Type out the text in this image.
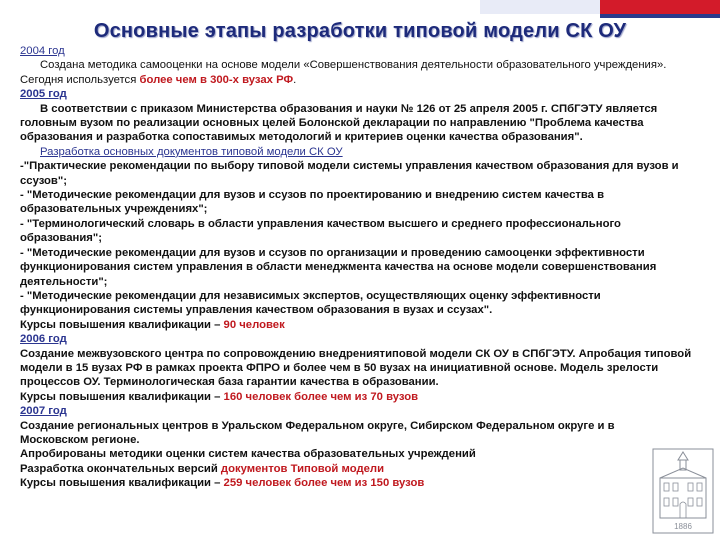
Основные этапы разработки типовой модели СК ОУ

2004 год

Создана методика самооценки на основе модели «Совершенствования деятельности образовательного учреждения». Сегодня используется более чем в 300-х вузах РФ.

2005 год

В соответствии с приказом Министерства образования и науки № 126 от 25 апреля 2005 г. СПбГЭТУ является головным вузом по реализации основных целей Болонской декларации по направлению "Проблема качества образования и разработка сопоставимых методологий и критериев оценки качества образования".

Разработка основных документов типовой модели СК ОУ

-"Практические рекомендации по выбору типовой модели системы управления качеством образования для вузов и ссузов";

- "Методические рекомендации для вузов и ссузов по проектированию и внедрению систем качества в образовательных учреждениях";

- "Терминологический словарь в области управления качеством высшего и среднего профессионального образования";

- "Методические рекомендации для вузов и ссузов по организации и проведению самооценки эффективности функционирования систем управления в области менеджмента качества на основе модели совершенствования деятельности";

- "Методические рекомендации для независимых экспертов, осуществляющих оценку эффективности функционирования системы управления качеством образования в вузах и ссузах".

Курсы повышения квалификации – 90 человек

2006 год

Создание межвузовского центра по сопровождению внедрениятиповой модели СК ОУ в СПбГЭТУ. Апробация типовой модели в 15 вузах РФ в рамках проекта ФПРО и более чем в 50 вузах на инициативной основе. Модель зрелости процессов ОУ. Терминологическая база гарантии качества в образовании.

Курсы повышения квалификации – 160 человек более чем из 70 вузов

2007 год

Создание региональных центров в Уральском Федеральном округе, Сибирском Федеральном округе и в Московском регионе.

Апробированы методики оценки систем качества образовательных учреждений

Разработка окончательных версий документов Типовой модели

Курсы повышения квалификации – 259 человек более чем из 150 вузов

1886
